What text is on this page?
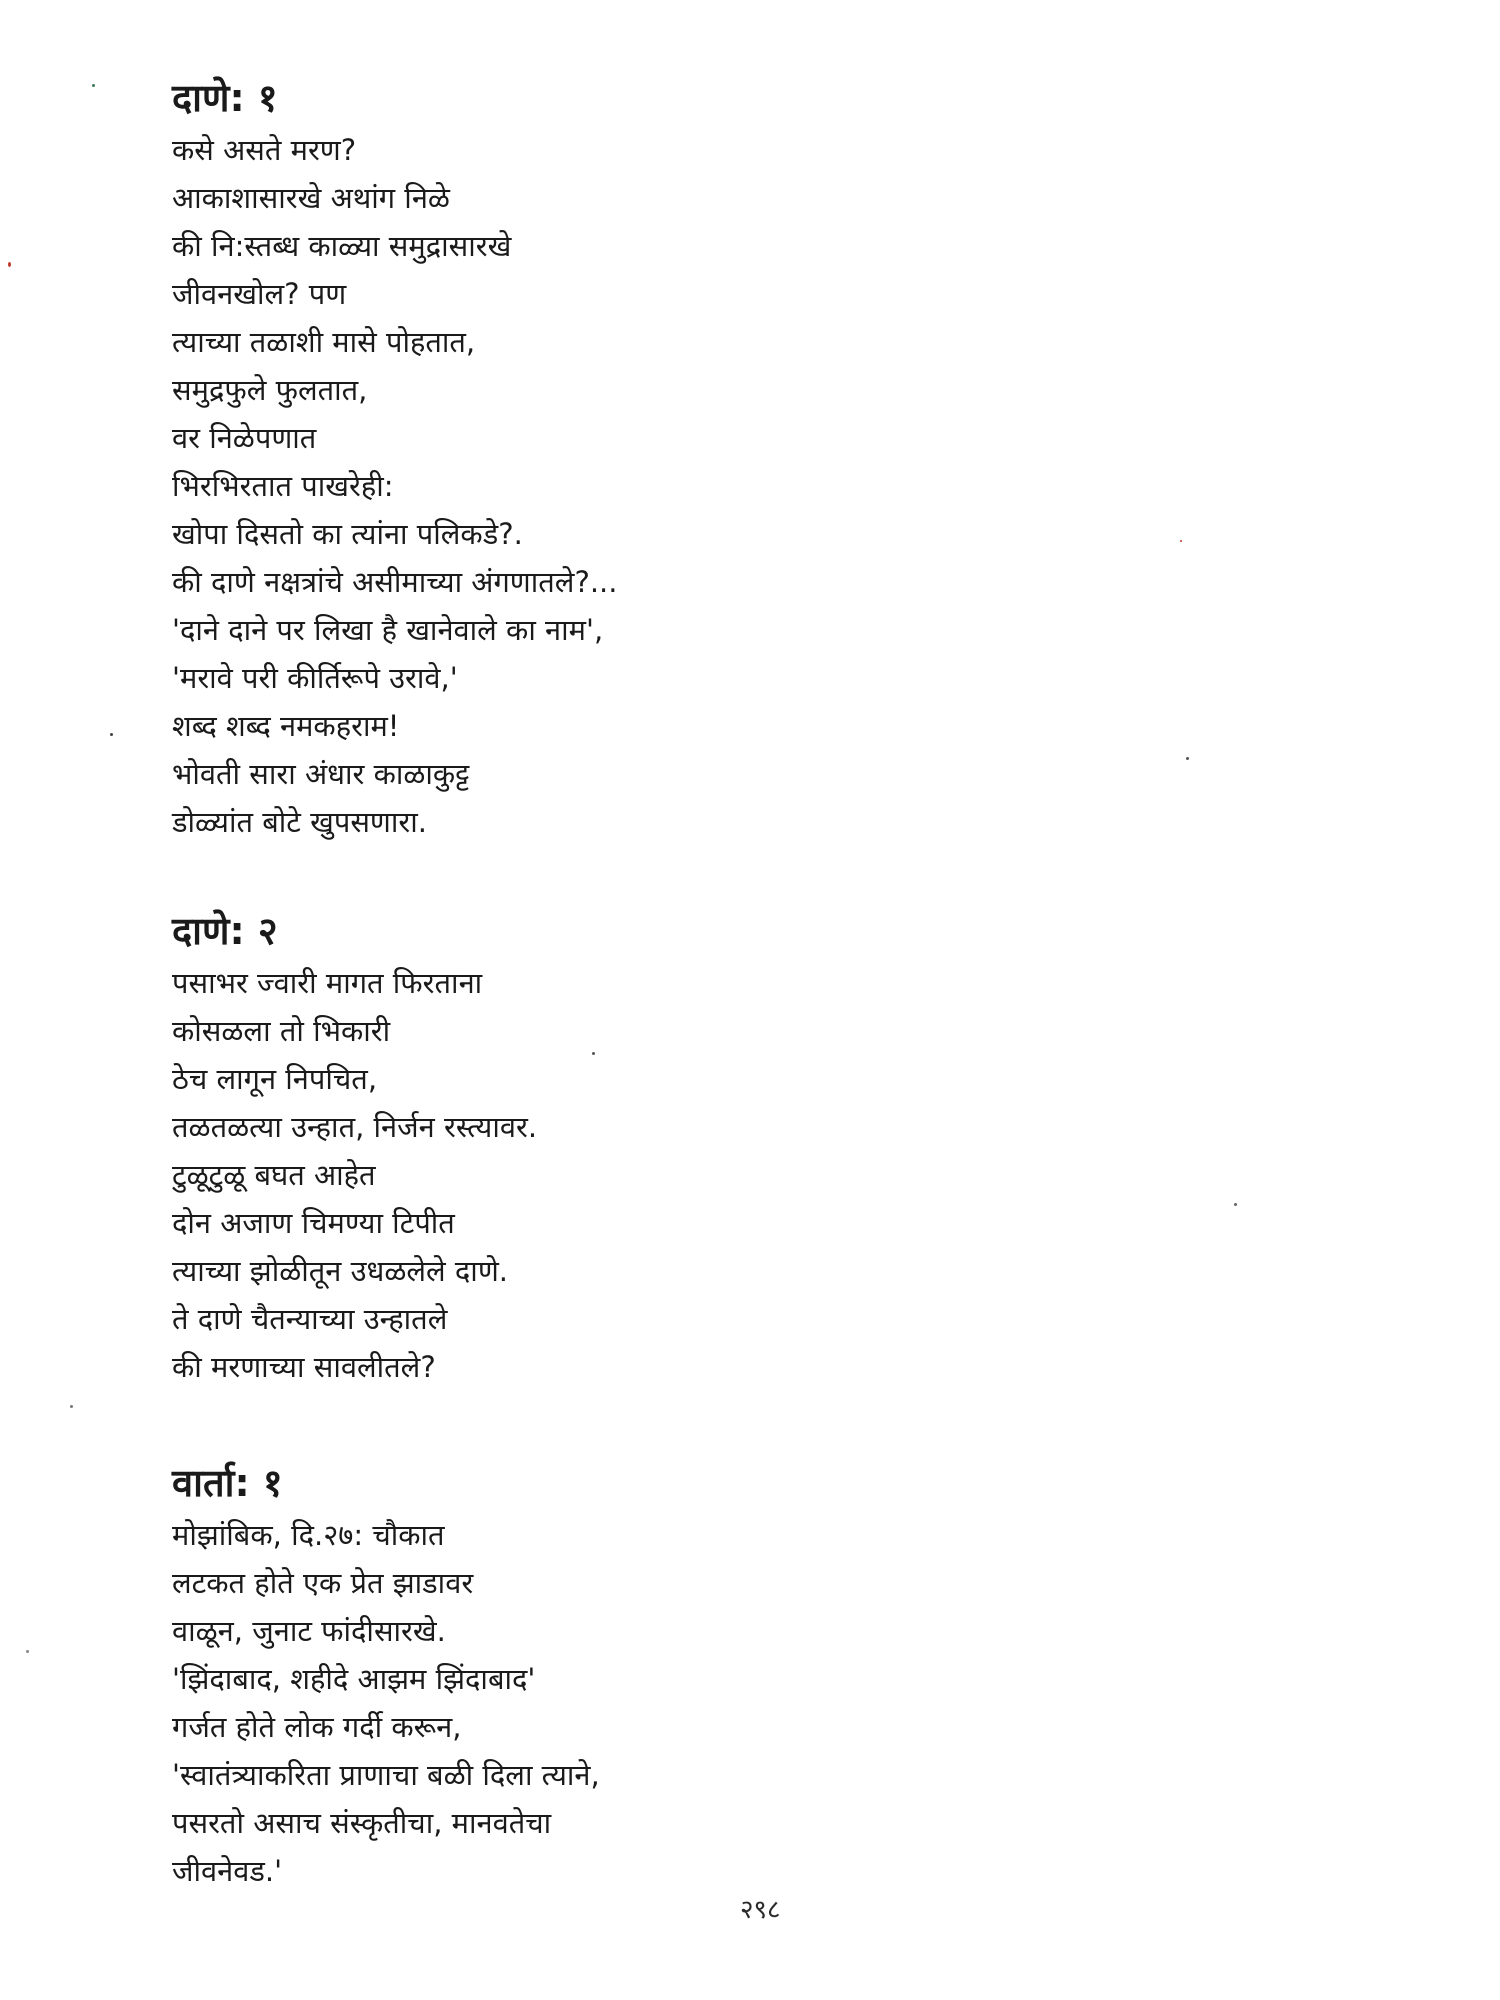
दाणे: १
कसे असते मरण?
आकाशासारखे अथांग निळे
की नि:स्तब्ध काळ्या समुद्रासारखे
जीवनखोल? पण
त्याच्या तळाशी मासे पोहतात,
समुद्रफुले फुलतात,
वर निळेपणात
भिरभिरतात पाखरेही:
खोपा दिसतो का त्यांना पलिकडे?.
की दाणे नक्षत्रांचे असीमाच्या अंगणातले?...
'दाने दाने पर लिखा है खानेवाले का नाम',
'मरावे परी कीर्तिरूपे उरावे,'
शब्द शब्द नमकहराम!
भोवती सारा अंधार काळाकुट्ट
डोळ्यांत बोटे खुपसणारा.
दाणे: २
पसाभर ज्वारी मागत फिरताना
कोसळला तो भिकारी
ठेच लागून निपचित,
तळतळत्या उन्हात, निर्जन रस्त्यावर.
टुळूटुळू बघत आहेत
दोन अजाण चिमण्या टिपीत
त्याच्या झोळीतून उधळलेले दाणे.
ते दाणे चैतन्याच्या उन्हातले
की मरणाच्या सावलीतले?
वार्ता: १
मोझांबिक, दि.२७: चौकात
लटकत होते एक प्रेत झाडावर
वाळून, जुनाट फांदीसारखे.
'झिंदाबाद, शहीदे आझम झिंदाबाद'
गर्जत होते लोक गर्दी करून,
'स्वातंत्र्याकरिता प्राणाचा बळी दिला त्याने,
पसरतो असाच संस्कृतीचा, मानवतेचा
जीवनेवड.'
२९८
